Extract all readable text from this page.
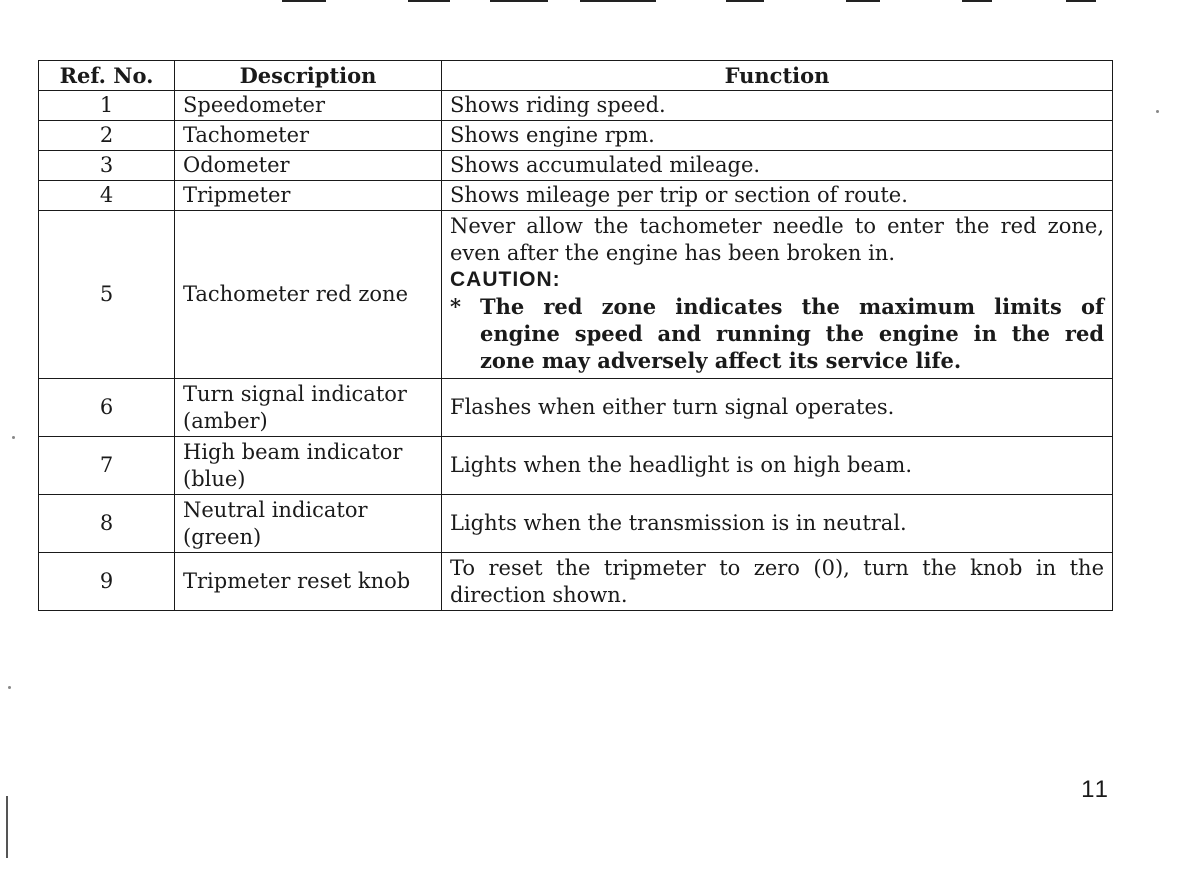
Ref. No.	Description	Function
1	Speedometer	Shows riding speed.
2	Tachometer	Shows engine rpm.
3	Odometer	Shows accumulated mileage.
4	Tripmeter	Shows mileage per trip or section of route.
5	Tachometer red zone	Never allow the tachometer needle to enter the red zone, even after the engine has been broken in.
CAUTION:
* The red zone indicates the maximum limits of engine speed and running the engine in the red zone may adversely affect its service life.

6	Turn signal indicator (amber)	Flashes when either turn signal operates.
7	High beam indicator (blue)	Lights when the headlight is on high beam.
8	Neutral indicator (green)	Lights when the transmission is in neutral.
9	Tripmeter reset knob	To reset the tripmeter to zero (0), turn the knob in the direction shown.
11
